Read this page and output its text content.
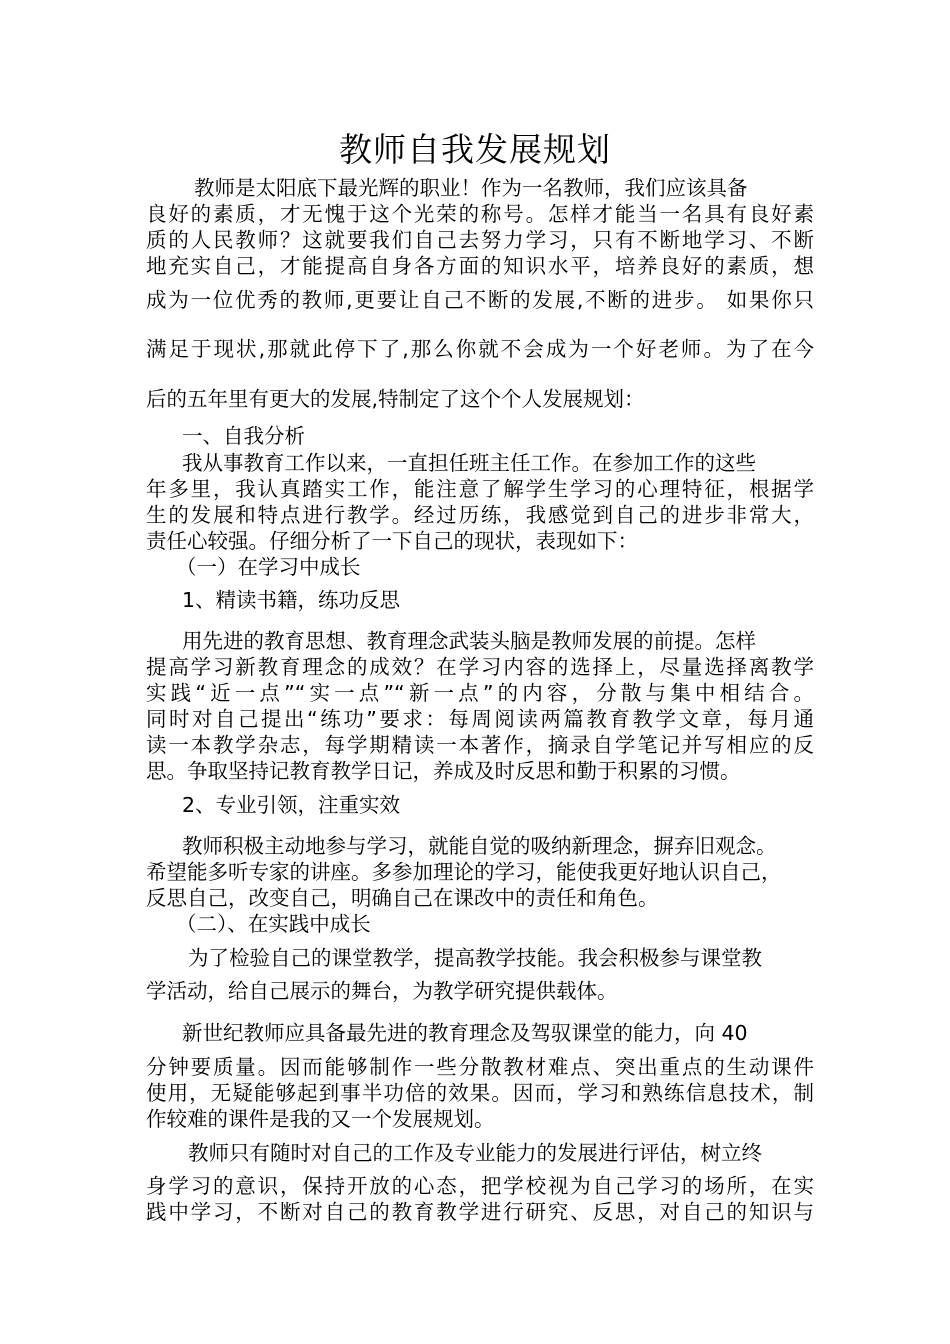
教师自我发展规划

教师是太阳底下最光辉的职业！作为一名教师，我们应该具备

良好的素质，才无愧于这个光荣的称号。怎样才能当一名具有良好素

质的人民教师？这就要我们自己去努力学习，只有不断地学习、不断

地充实自己，才能提高自身各方面的知识水平，培养良好的素质，想

成为一位优秀的教师,更要让自己不断的发展,不断的进步。 如果你只

满足于现状,那就此停下了,那么你就不会成为一个好老师。为了在今

后的五年里有更大的发展,特制定了这个个人发展规划：

一、自我分析

我从事教育工作以来，一直担任班主任工作。在参加工作的这些

年多里，我认真踏实工作，能注意了解学生学习的心理特征，根据学

生的发展和特点进行教学。经过历练，我感觉到自己的进步非常大，

责任心较强。仔细分析了一下自己的现状，表现如下：

（一）在学习中成长

1、精读书籍，练功反思

用先进的教育思想、教育理念武装头脑是教师发展的前提。怎样

提高学习新教育理念的成效？在学习内容的选择上，尽量选择离教学

实践“近一点”“实一点”“新一点”的内容，分散与集中相结合。

同时对自己提出“练功”要求：每周阅读两篇教育教学文章，每月通

读一本教学杂志，每学期精读一本著作，摘录自学笔记并写相应的反

思。争取坚持记教育教学日记，养成及时反思和勤于积累的习惯。

2、专业引领，注重实效

教师积极主动地参与学习，就能自觉的吸纳新理念，摒弃旧观念。

希望能多听专家的讲座。多参加理论的学习，能使我更好地认识自己，

反思自己，改变自己，明确自己在课改中的责任和角色。

（二）、在实践中成长

为了检验自己的课堂教学，提高教学技能。我会积极参与课堂教

学活动，给自己展示的舞台，为教学研究提供载体。

新世纪教师应具备最先进的教育理念及驾驭课堂的能力，向 40

分钟要质量。因而能够制作一些分散教材难点、突出重点的生动课件

使用，无疑能够起到事半功倍的效果。因而，学习和熟练信息技术，制

作较难的课件是我的又一个发展规划。

教师只有随时对自己的工作及专业能力的发展进行评估，树立终

身学习的意识，保持开放的心态，把学校视为自己学习的场所，在实

践中学习，不断对自己的教育教学进行研究、反思，对自己的知识与
